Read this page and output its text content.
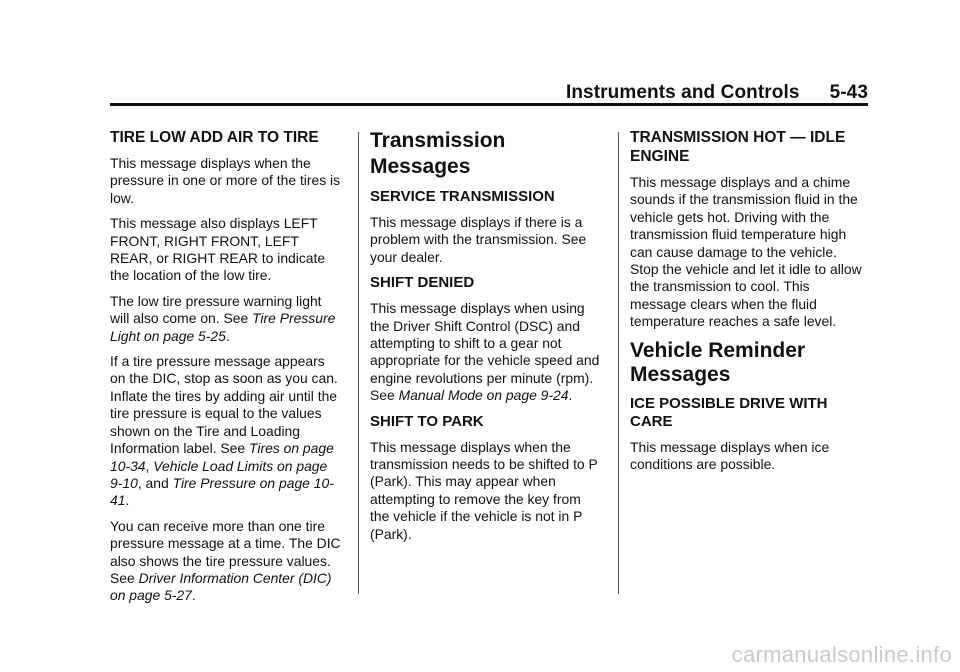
Instruments and Controls 5-43
TIRE LOW ADD AIR TO TIRE

This message displays when the pressure in one or more of the tires is low.

This message also displays LEFT FRONT, RIGHT FRONT, LEFT REAR, or RIGHT REAR to indicate the location of the low tire.

The low tire pressure warning light will also come on. See Tire Pressure Light on page 5-25.

If a tire pressure message appears on the DIC, stop as soon as you can. Inflate the tires by adding air until the tire pressure is equal to the values shown on the Tire and Loading Information label. See Tires on page 10-34, Vehicle Load Limits on page 9-10, and Tire Pressure on page 10-41.

You can receive more than one tire pressure message at a time. The DIC also shows the tire pressure values. See Driver Information Center (DIC) on page 5-27.

Transmission Messages
SERVICE TRANSMISSION

This message displays if there is a problem with the transmission. See your dealer.

SHIFT DENIED

This message displays when using the Driver Shift Control (DSC) and attempting to shift to a gear not appropriate for the vehicle speed and engine revolutions per minute (rpm). See Manual Mode on page 9-24.

SHIFT TO PARK

This message displays when the transmission needs to be shifted to P (Park). This may appear when attempting to remove the key from the vehicle if the vehicle is not in P (Park).

TRANSMISSION HOT — IDLE ENGINE

This message displays and a chime sounds if the transmission fluid in the vehicle gets hot. Driving with the transmission fluid temperature high can cause damage to the vehicle. Stop the vehicle and let it idle to allow the transmission to cool. This message clears when the fluid temperature reaches a safe level.

Vehicle Reminder Messages
ICE POSSIBLE DRIVE WITH CARE

This message displays when ice conditions are possible.

carmanualsonline.info
